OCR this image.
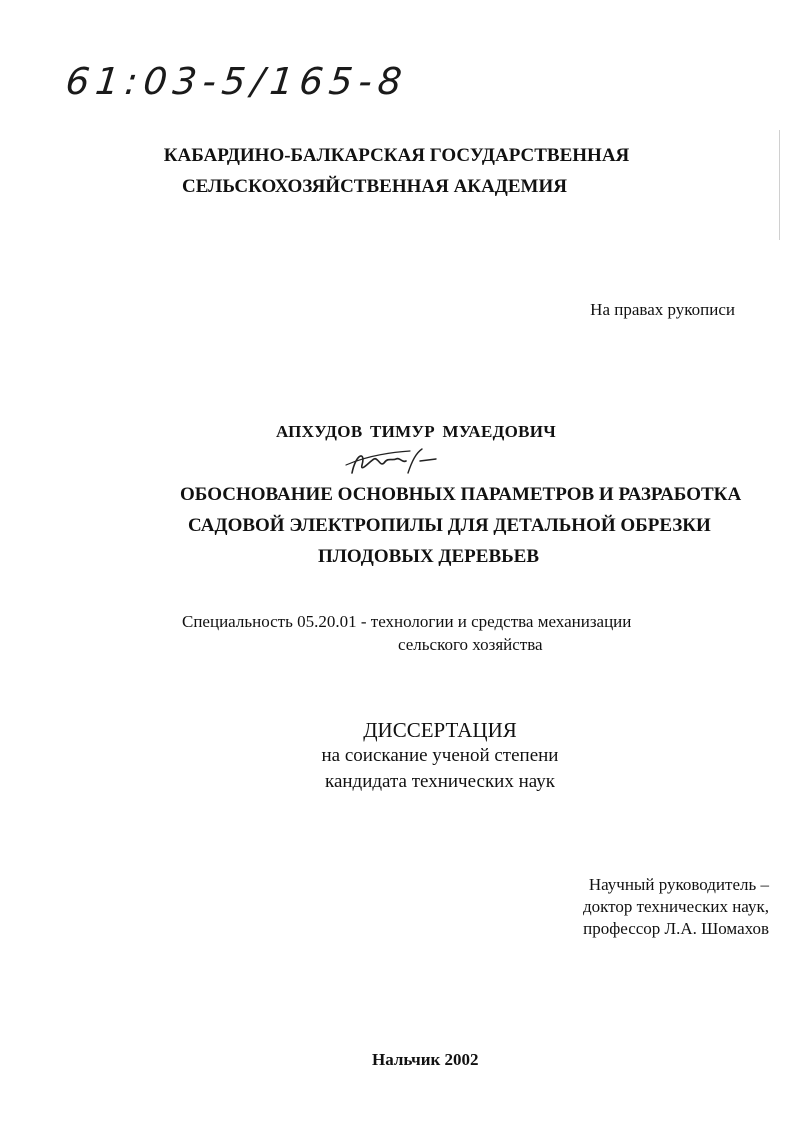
61:03-5/165-8
КАБАРДИНО-БАЛКАРСКАЯ ГОСУДАРСТВЕННАЯ
СЕЛЬСКОХОЗЯЙСТВЕННАЯ АКАДЕМИЯ
На правах рукописи
АПХУДОВ ТИМУР МУАЕДОВИЧ
ОБОСНОВАНИЕ ОСНОВНЫХ ПАРАМЕТРОВ И РАЗРАБОТКА
САДОВОЙ ЭЛЕКТРОПИЛЫ ДЛЯ ДЕТАЛЬНОЙ ОБРЕЗКИ
ПЛОДОВЫХ ДЕРЕВЬЕВ
Специальность 05.20.01 - технологии и средства механизации
сельского хозяйства
ДИССЕРТАЦИЯ
на соискание ученой степени
кандидата технических наук
Научный руководитель –
доктор технических наук,
профессор Л.А. Шомахов
Нальчик 2002
